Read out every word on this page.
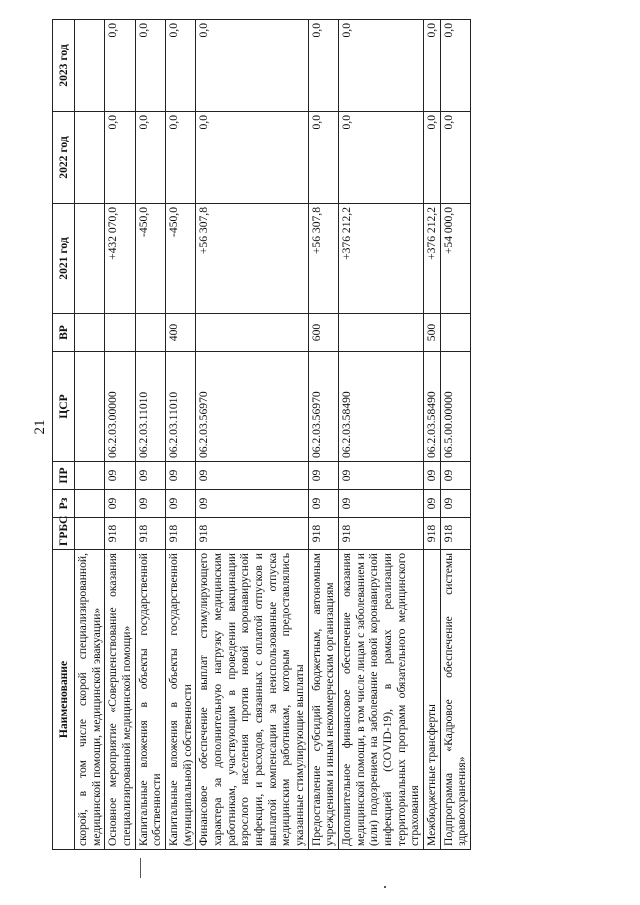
21
Наименование	ГРБС	Рз	ПР	ЦСР	ВР	2021 год	2022 год	2023 год
скорой, в том числе скорой специализированной, медицинской помощи, медицинской эвакуации»								
Основное мероприятие «Совершенствование оказания специализированной медицинской помощи»	918	09	09	06.2.03.00000		+432 070,0	0,0	0,0
Капитальные вложения в объекты государственной собственности	918	09	09	06.2.03.11010		-450,0	0,0	0,0
Капитальные вложения в объекты государственной (муниципальной) собственности	918	09	09	06.2.03.11010	400	-450,0	0,0	0,0
Финансовое обеспечение выплат стимулирующего характера за дополнительную нагрузку медицинским работникам, участвующим в проведении вакцинации взрослого населения против новой коронавирусной инфекции, и расходов, связанных с оплатой отпусков и выплатой компенсации за неиспользованные отпуска медицинским работникам, которым предоставлялись указанные стимулирующие выплаты	918	09	09	06.2.03.56970		+56 307,8	0,0	0,0
Предоставление субсидий бюджетным, автономным учреждениям и иным некоммерческим организациям	918	09	09	06.2.03.56970	600	+56 307,8	0,0	0,0
Дополнительное финансовое обеспечение оказания медицинской помощи, в том числе лицам с заболеванием и (или) подозрением на заболевание новой коронавирусной инфекцией (COVID-19), в рамках реализации территориальных программ обязательного медицинского страхования	918	09	09	06.2.03.58490		+376 212,2	0,0	0,0
Межбюджетные трансферты	918	09	09	06.2.03.58490	500	+376 212,2	0,0	0,0
Подпрограмма «Кадровое обеспечение системы здравоохранения»	918	09	09	06.5.00.00000		+54 000,0	0,0	0,0
